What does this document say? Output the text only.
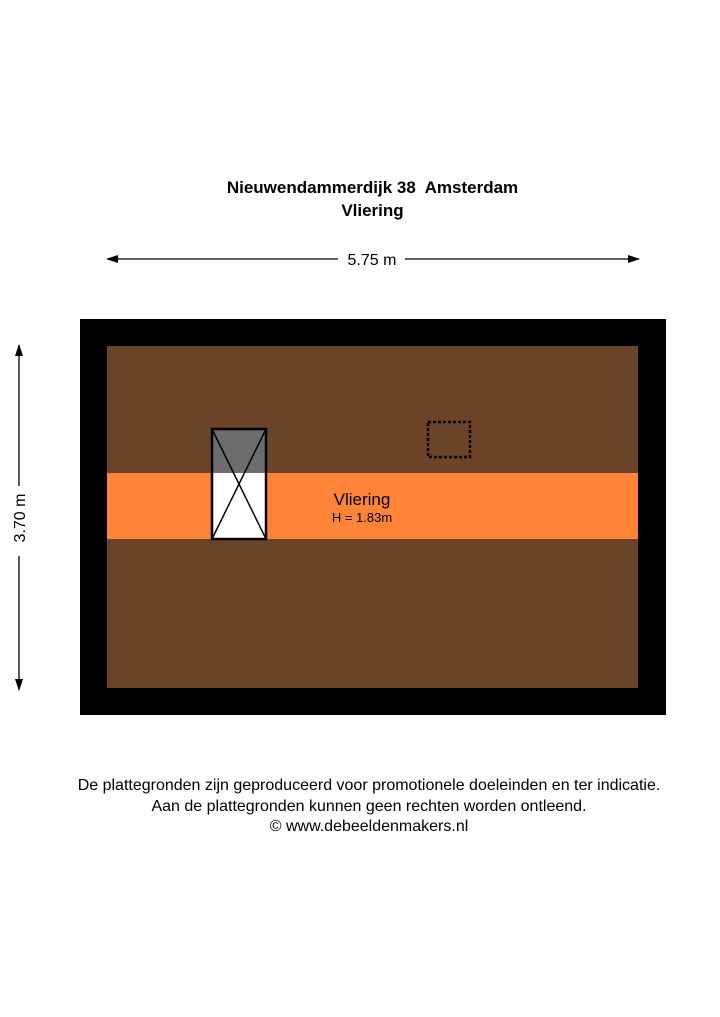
Nieuwendammerdijk 38  Amsterdam
Vliering
5.75 m
3.70 m	Vliering
H = 1.83m
De plattegronden zijn geproduceerd voor promotionele doeleinden en ter indicatie.
Aan de plattegronden kunnen geen rechten worden ontleend.
© www.debeeldenmakers.nl
